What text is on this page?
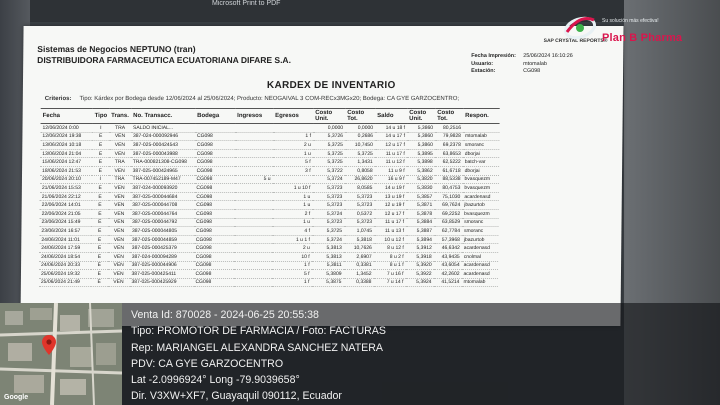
Microsoft Print to PDF
Sistemas de Negocios NEPTUNO (tran)
DISTRIBUIDORA FARMACEUTICA ECUATORIANA DIFARE S.A.
SAP CRYSTAL REPORTS®
Fecha Impresión: 25/06/2024 16:10:26
Usuario:	mtomalab
Estación:	CG098
KARDEX DE INVENTARIO
Criterios: Tipo: Kárdex por Bodega desde 12/06/2024 al 25/06/2024; Producto: NEOGAIVAL 3 COM-RECx3MGx20; Bodega: CA GYE GARZOCENTRO;
Fecha	Tipo	Trans.	No. Transacc.	Bodega	Ingresos	Egresos	Costo Unit.	Costo Tot.	Saldo	Costo Unit.	Costo Tot.	Respon.
12/06/2024 0:00	I	TRA	SALDO INICIAL...				0,0000	0,0000	14 u 18 f	5,3860	80,2516	
12/06/2024 19:38	E	VEN	387-024-000092946	CG098		1 f	5,3726	0,2686	14 u 17 f	5,3860	79,9828	mtomalab
13/06/2024 10:18	E	VEN	387-025-000424543	CG098		2 u	5,3725	10,7450	12 u 17 f	5,3860	69,2378	smoranc
13/06/2024 21:04	E	VEN	387-025-000043988	CG098		1 u	5,3725	5,3725	11 u 17 f	5,3895	63,8653	dborjai
15/06/2024 12:47	E	TRA	TRA-000821308-CG098	CG098		5 f	5,3725	1,3431	11 u 12 f	5,3898	62,5222	batch-var
18/06/2024 21:53	E	VEN	387-025-000424965	CG098		3 f	5,3722	0,8058	11 u 9 f	5,3862	61,6718	dborjai
20/06/2024 20:10	I	TRA	TRA-007452189-M47	CG098	5 u		5,3724	26,8620	16 u 9 f	5,3820	88,5338	bvasquezm
21/06/2024 15:53	E	VEN	387-024-000093920	CG098		1 u 10 f	5,3723	8,0585	14 u 19 f	5,3830	80,4753	bvasquezm
21/06/2024 22:12	E	VEN	387-025-000044684	CG098		1 u	5,3723	5,3723	13 u 19 f	5,3857	75,1030	acardenasd
22/06/2024 14:01	E	VEN	387-025-000044708	CG098		1 u	5,3723	5,3723	12 u 19 f	5,3871	69,7624	jbazurtob
22/06/2024 21:05	E	VEN	387-025-000044764	CG098		2 f	5,3724	0,5372	12 u 17 f	5,3878	69,2252	bvasquezm
23/06/2024 15:49	E	VEN	387-025-000044792	CG098		1 u	5,3723	5,3723	11 u 17 f	5,3884	63,8529	smoranc
23/06/2024 16:57	E	VEN	387-025-000044805	CG098		4 f	5,3725	1,0745	11 u 13 f	5,3887	62,7784	smoranc
24/06/2024 11:01	E	VEN	387-025-000044859	CG098		1 u 1 f	5,3724	5,3818	10 u 12 f	5,3894	57,3968	jbazurtob
24/06/2024 17:59	E	VEN	387-025-000425379	CG098		2 u	5,3813	10,7626	8 u 12 f	5,3912	46,6342	acardenasd
24/06/2024 18:54	E	VEN	387-024-000094289	CG098		10 f	5,3813	2,6907	8 u 2 f	5,3918	43,9435	cnolmal
24/06/2024 20:33	E	VEN	387-025-000044906	CG098		1 f	5,3811	0,3381	8 u 1 f	5,3920	43,6054	acardenasd
25/06/2024 19:32	E	VEN	387-025-000425411	CG098		5 f	5,3809	1,3452	7 u 16 f	5,3922	42,2602	acardenasd
25/06/2024 21:49	E	VEN	387-025-000425929	CG098		1 f	5,3875	0,3388	7 u 14 f	5,3924	41,5214	mtomalab
Su solución más efectiva!
Plan B Pharma
Google
Venta Id: 870028 - 2024-06-25 20:55:38
Tipo: PROMOTOR DE FARMACIA / Foto: FACTURAS
Rep: MARIANGEL ALEXANDRA SANCHEZ NATERA
PDV: CA GYE GARZOCENTRO
Lat -2.0996924° Long -79.9039658°
Dir. V3XW+XF7, Guayaquil 090112, Ecuador
